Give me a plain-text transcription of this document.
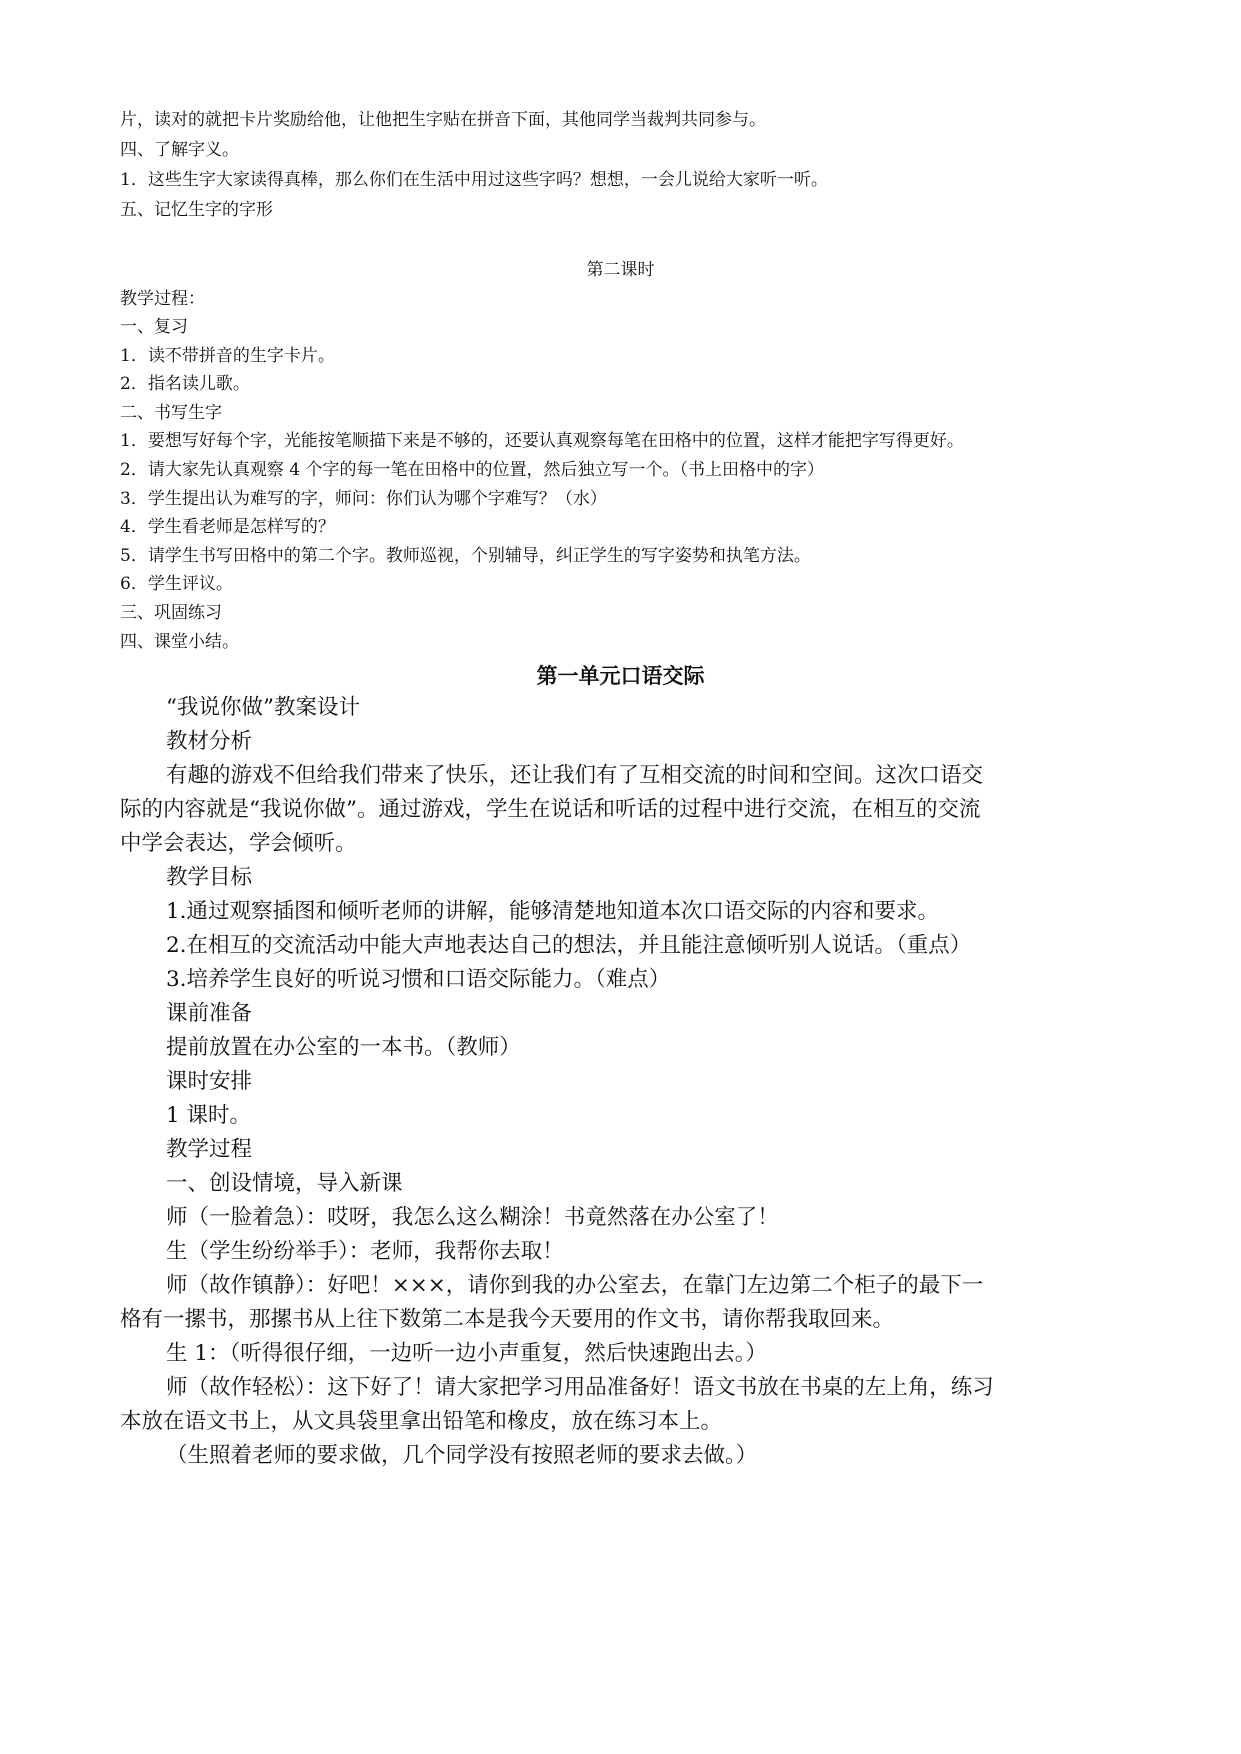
片，读对的就把卡片奖励给他，让他把生字贴在拼音下面，其他同学当裁判共同参与。
四、了解字义。
1．这些生字大家读得真棒，那么你们在生活中用过这些字吗？想想，一会儿说给大家听一听。
五、记忆生字的字形
第二课时
教学过程：
一、复习
1．读不带拼音的生字卡片。
2．指名读儿歌。
二、书写生字
1．要想写好每个字，光能按笔顺描下来是不够的，还要认真观察每笔在田格中的位置，这样才能把字写得更好。
2．请大家先认真观察 4 个字的每一笔在田格中的位置，然后独立写一个。（书上田格中的字）
3．学生提出认为难写的字，师问：你们认为哪个字难写？（水）
4．学生看老师是怎样写的？
5．请学生书写田格中的第二个字。教师巡视，个别辅导，纠正学生的写字姿势和执笔方法。
6．学生评议。
三、巩固练习
四、课堂小结。
第一单元口语交际
“我说你做”教案设计
教材分析
有趣的游戏不但给我们带来了快乐，还让我们有了互相交流的时间和空间。这次口语交
际的内容就是“我说你做”。通过游戏，学生在说话和听话的过程中进行交流，在相互的交流
中学会表达，学会倾听。
教学目标
1.通过观察插图和倾听老师的讲解，能够清楚地知道本次口语交际的内容和要求。
2.在相互的交流活动中能大声地表达自己的想法，并且能注意倾听别人说话。（重点）
3.培养学生良好的听说习惯和口语交际能力。（难点）
课前准备
提前放置在办公室的一本书。（教师）
课时安排
1 课时。
教学过程
一、创设情境，导入新课
师（一脸着急）：哎呀，我怎么这么糊涂！书竟然落在办公室了！
生（学生纷纷举手）：老师，我帮你去取！
师（故作镇静）：好吧！×××，请你到我的办公室去，在靠门左边第二个柜子的最下一
格有一摞书，那摞书从上往下数第二本是我今天要用的作文书，请你帮我取回来。
生 1：（听得很仔细，一边听一边小声重复，然后快速跑出去。）
师（故作轻松）：这下好了！请大家把学习用品准备好！语文书放在书桌的左上角，练习
本放在语文书上，从文具袋里拿出铅笔和橡皮，放在练习本上。
（生照着老师的要求做，几个同学没有按照老师的要求去做。）
